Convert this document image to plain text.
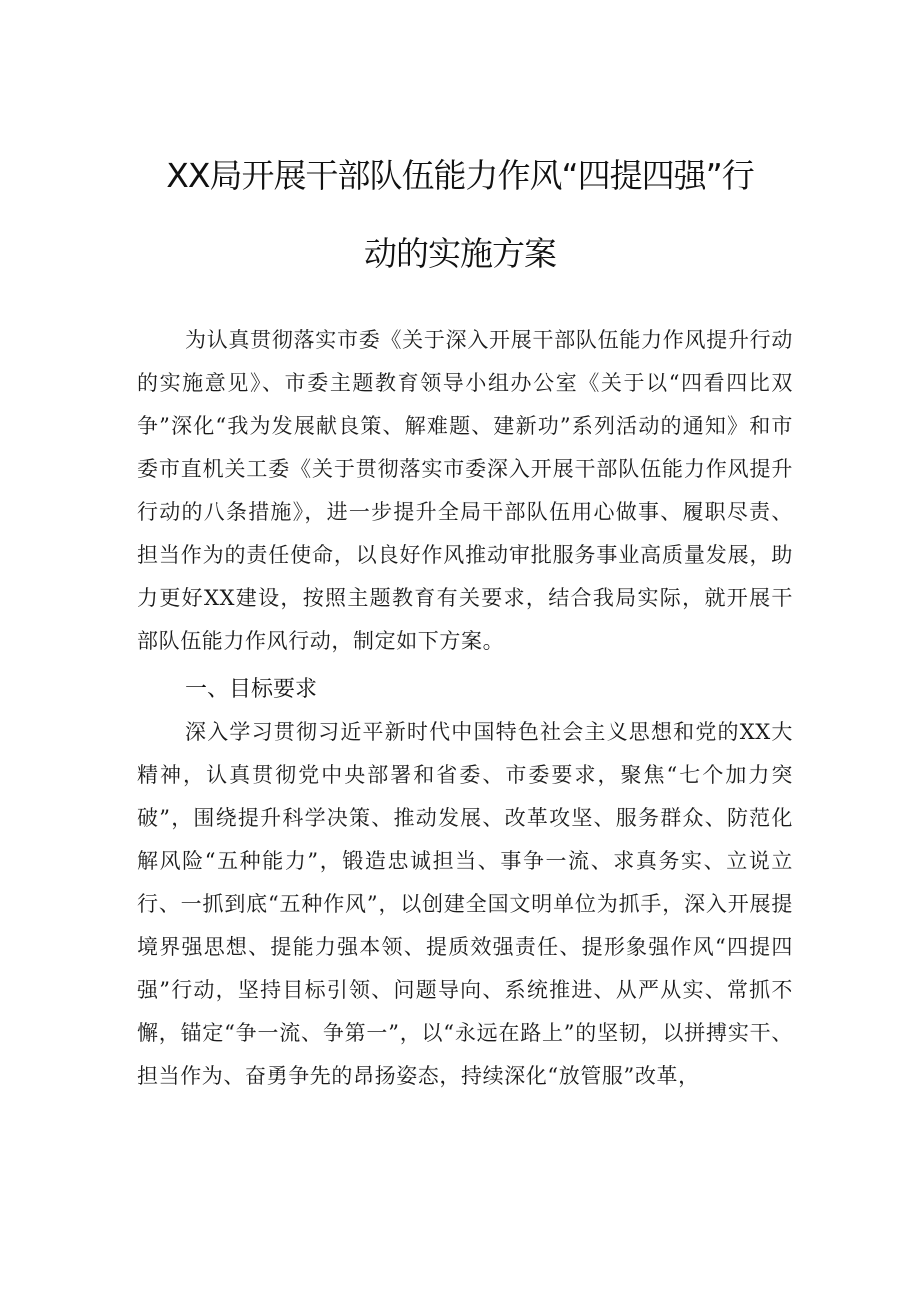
XX局开展干部队伍能力作风“四提四强”行
动的实施方案

为认真贯彻落实市委《关于深入开展干部队伍能力作风提升行动的实施意见》、市委主题教育领导小组办公室《关于以“四看四比双争”深化“我为发展献良策、解难题、建新功”系列活动的通知》和市委市直机关工委《关于贯彻落实市委深入开展干部队伍能力作风提升行动的八条措施》，进一步提升全局干部队伍用心做事、履职尽责、担当作为的责任使命，以良好作风推动审批服务事业高质量发展，助力更好XX建设，按照主题教育有关要求，结合我局实际，就开展干部队伍能力作风行动，制定如下方案。

一、目标要求

深入学习贯彻习近平新时代中国特色社会主义思想和党的XX大精神，认真贯彻党中央部署和省委、市委要求，聚焦“七个加力突破”，围绕提升科学决策、推动发展、改革攻坚、服务群众、防范化解风险“五种能力”，锻造忠诚担当、事争一流、求真务实、立说立行、一抓到底“五种作风”，以创建全国文明单位为抓手，深入开展提境界强思想、提能力强本领、提质效强责任、提形象强作风“四提四强”行动，坚持目标引领、问题导向、系统推进、从严从实、常抓不懈，锚定“争一流、争第一”，以“永远在路上”的坚韧，以拼搏实干、担当作为、奋勇争先的昂扬姿态，持续深化“放管服”改革，
